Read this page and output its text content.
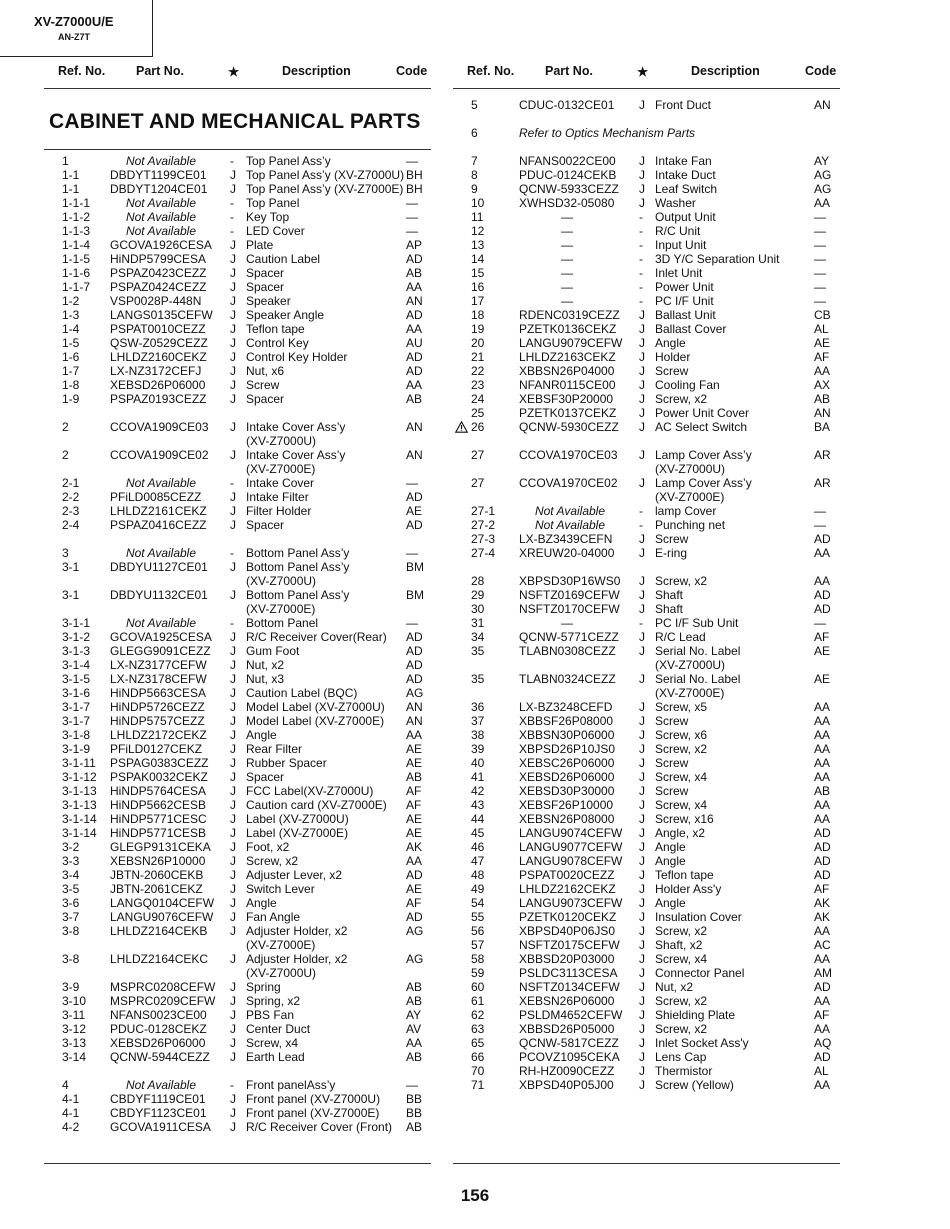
XV-Z7000U/E
AN-Z7T
Ref. No. Part No.	★	Description	Code	Ref. No. Part No.	★	Description	Code
CABINET AND MECHANICAL PARTS
1	Not Available	- Top Panel Ass’y	—
1-1	DBDYT1199CE01 J Top Panel Ass’y (XV-Z7000U) BH
1-1	DBDYT1204CE01 J Top Panel Ass’y (XV-Z7000E) BH
1-1-1	Not Available	- Top Panel	—
1-1-2	Not Available	- Key Top	—
1-1-3	Not Available	- LED Cover	—
1-1-4 GCOVA1926CESA J Plate	AP
1-1-5 HiNDP5799CESA J Caution Label	AD
1-1-6 PSPAZ0423CEZZ J Spacer	AB
1-1-7 PSPAZ0424CEZZ J Spacer	AA
1-2	VSP0028P-448N J Speaker	AN
1-3	LANGS0135CEFW J Speaker Angle	AD
1-4	PSPAT0010CEZZ J Teflon tape	AA
1-5	QSW-Z0529CEZZ J Control Key	AU
1-6	LHLDZ2160CEKZ J Control Key Holder	AD
1-7	LX-NZ3172CEFJ J Nut, x6	AD
1-8	XEBSD26P06000 J Screw	AA
1-9	PSPAZ0193CEZZ J Spacer	AB
2	CCOVA1909CE03 J Intake Cover Ass’y	AN
(XV-Z7000U)
2	CCOVA1909CE02 J Intake Cover Ass’y	AN
(XV-Z7000E)
2-1	Not Available	- Intake Cover	—
2-2	PFiLD0085CEZZ J Intake Filter	AD
2-3	LHLDZ2161CEKZ J Filter Holder	AE
2-4	PSPAZ0416CEZZ J Spacer	AD
3	Not Available	- Bottom Panel Ass’y	—
3-1	DBDYU1127CE01 J Bottom Panel Ass’y	BM
(XV-Z7000U)
3-1	DBDYU1132CE01 J Bottom Panel Ass’y	BM
(XV-Z7000E)
3-1-1	Not Available	- Bottom Panel	—
3-1-2 GCOVA1925CESA J R/C Receiver Cover(Rear) AD
3-1-3 GLEGG9091CEZZ J Gum Foot	AD
3-1-4 LX-NZ3177CEFW J Nut, x2	AD
3-1-5 LX-NZ3178CEFW J Nut, x3	AD
3-1-6 HiNDP5663CESA J Caution Label (BQC)	AG
3-1-7 HiNDP5726CEZZ J Model Label (XV-Z7000U) AN
3-1-7 HiNDP5757CEZZ J Model Label (XV-Z7000E) AN
3-1-8 LHLDZ2172CEKZ J Angle	AA
3-1-9 PFiLD0127CEKZ J Rear Filter	AE
3-1-11 PSPAG0383CEZZ J Rubber Spacer	AE
3-1-12 PSPAK0032CEKZ J Spacer	AB
3-1-13 HiNDP5764CESA J FCC Label(XV-Z7000U)	AF
3-1-13 HiNDP5662CESB J Caution card (XV-Z7000E) AF
3-1-14 HiNDP5771CESC J Label (XV-Z7000U)	AE
3-1-14 HiNDP5771CESB J Label (XV-Z7000E)	AE
3-2	GLEGP9131CEKA J Foot, x2	AK
3-3	XEBSN26P10000 J Screw, x2	AA
3-4	JBTN-2060CEKB J Adjuster Lever, x2	AD
3-5	JBTN-2061CEKZ J Switch Lever	AE
3-6	LANGQ0104CEFW J Angle	AF
3-7	LANGU9076CEFW J Fan Angle	AD
3-8	LHLDZ2164CEKB J Adjuster Holder, x2	AG
(XV-Z7000E)
3-8	LHLDZ2164CEKC J Adjuster Holder, x2	AG
(XV-Z7000U)
3-9	MSPRC0208CEFW J Spring	AB
3-10 MSPRC0209CEFW J Spring, x2	AB
3-11 NFANS0023CE00 J PBS Fan	AY
3-12 PDUC-0128CEKZ J Center Duct	AV
3-13 XEBSD26P06000 J Screw, x4	AA
3-14 QCNW-5944CEZZ J Earth Lead	AB
4	Not Available	- Front panelAss’y	—
4-1	CBDYF1119CE01 J Front panel (XV-Z7000U) BB
4-1	CBDYF1123CE01 J Front panel (XV-Z7000E) BB
4-2	GCOVA1911CESA J R/C Receiver Cover (Front) AB
5	CDUC-0132CE01 J Front Duct	AN
6	Refer to Optics Mechanism Parts
7	NFANS0022CE00 J Intake Fan	AY
8	PDUC-0124CEKB J Intake Duct	AG
9	QCNW-5933CEZZ J Leaf Switch	AG
10	XWHSD32-05080 J Washer	AA
11	—	- Output Unit	—
12	—	- R/C Unit	—
13	—	- Input Unit	—
14	—	- 3D Y/C Separation Unit	—
15	—	- Inlet Unit	—
16	—	- Power Unit	—
17	—	- PC I/F Unit	—
18	RDENC0319CEZZ J Ballast Unit	CB
19	PZETK0136CEKZ J Ballast Cover	AL
20	LANGU9079CEFW J Angle	AE
21	LHLDZ2163CEKZ J Holder	AF
22	XBBSN26P04000 J Screw	AA
23	NFANR0115CE00 J Cooling Fan	AX
24	XEBSF30P20000 J Screw, x2	AB
25	PZETK0137CEKZ J Power Unit Cover	AN
26	QCNW-5930CEZZ J AC Select Switch	BA
27	CCOVA1970CE03 J Lamp Cover Ass’y	AR
(XV-Z7000U)
27	CCOVA1970CE02 J Lamp Cover Ass’y	AR
(XV-Z7000E)
27-1	Not Available	- lamp Cover	—
27-2	Not Available	- Punching net	—
27-3 LX-BZ3439CEFN J Screw	AD
27-4 XREUW20-04000 J E-ring	AA
28	XBPSD30P16WS0 J Screw, x2	AA
29	NSFTZ0169CEFW J Shaft	AD
30	NSFTZ0170CEFW J Shaft	AD
31	—	- PC I/F Sub Unit	—
34	QCNW-5771CEZZ J R/C Lead	AF
35	TLABN0308CEZZ J Serial No. Label	AE
(XV-Z7000U)
35	TLABN0324CEZZ J Serial No. Label	AE
(XV-Z7000E)
36	LX-BZ3248CEFD J Screw, x5	AA
37	XBBSF26P08000 J Screw	AA
38	XBBSN30P06000 J Screw, x6	AA
39	XBPSD26P10JS0 J Screw, x2	AA
40	XEBSC26P06000 J Screw	AA
41	XEBSD26P06000 J Screw, x4	AA
42	XEBSD30P30000 J Screw	AB
43	XEBSF26P10000 J Screw, x4	AA
44	XEBSN26P08000 J Screw, x16	AA
45	LANGU9074CEFW J Angle, x2	AD
46	LANGU9077CEFW J Angle	AD
47	LANGU9078CEFW J Angle	AD
48	PSPAT0020CEZZ J Teflon tape	AD
49	LHLDZ2162CEKZ J Holder Ass'y	AF
54	LANGU9073CEFW J Angle	AK
55	PZETK0120CEKZ J Insulation Cover	AK
56	XBPSD40P06JS0 J Screw, x2	AA
57	NSFTZ0175CEFW J Shaft, x2	AC
58	XBBSD20P03000 J Screw, x4	AA
59	PSLDC3113CESA J Connector Panel	AM
60	NSFTZ0134CEFW J Nut, x2	AD
61	XEBSN26P06000 J Screw, x2	AA
62	PSLDM4652CEFW J Shielding Plate	AF
63	XBBSD26P05000 J Screw, x2	AA
65	QCNW-5817CEZZ J Inlet Socket Ass'y	AQ
66	PCOVZ1095CEKA J Lens Cap	AD
70	RH-HZ0090CEZZ J Thermistor	AL
71	XBPSD40P05J00 J Screw (Yellow)	AA
156
